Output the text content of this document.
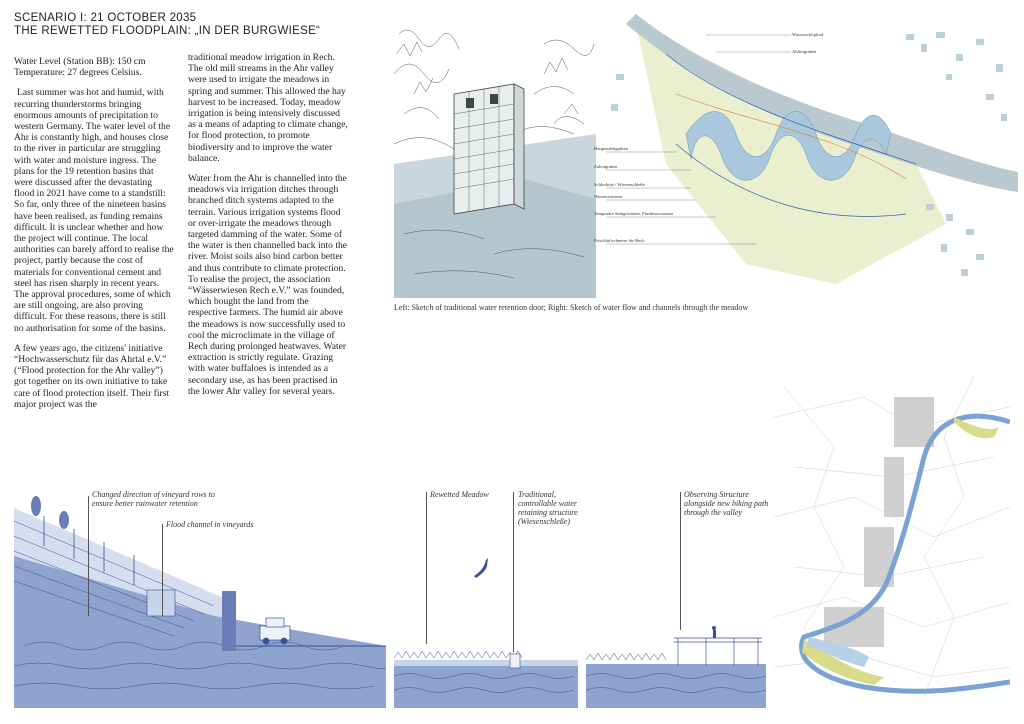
SCENARIO I: 21 OCTOBER 2035
THE REWETTED FLOODPLAIN: „IN DER BURGWIESE“

Water Level (Station BB): 150 cm
Temperature: 27 degrees Celsius.

Last summer was hot and humid, with recurring thunderstorms bringing enormous amounts of precipitation to western Germany. The water level of the Ahr is constantly high, and houses close to the river in particular are struggling with water and moisture ingress. The plans for the 19 retention basins that were discussed after the devastating flood in 2021 have come to a standstill: So far, only three of the nineteen basins have been realised, as funding remains difficult. It is unclear whether and how the project will continue. The local authorities can barely afford to realise the project, partly because the cost of materials for conventional cement and steel has risen sharply in recent years. The approval procedures, some of which are still ongoing, are also proving difficult. For these reasons, there is still no authorisation for some of the basins.

A few years ago, the citizens' initiative “Hochwasserschutz für das Ahrtal e.V.” (“Flood protection for the Ahr valley”) got together on its own initiative to take care of flood protection itself. Their first major project was the

traditional meadow irrigation in Rech. The old mill streams in the Ahr valley were used to irrigate the meadows in spring and summer. This allowed the hay harvest to be increased. Today, meadow irrigation is being intensively discussed as a means of adapting to climate change, for flood protection, to promote biodiversity and to improve the water balance.

Water from the Ahr is channelled into the meadows via irrigation ditches through branched ditch systems adapted to the terrain. Various irrigation systems flood or over-irrigate the meadows through targeted damming of the water. Some of the water is then channelled back into the river. Moist soils also bind carbon better and thus contribute to climate protection. To realise the project, the association “Wässerwiesen Rech e.V.” was founded, which bought the land from the respective farmers. The humid air above the meadows is now successfully used to cool the microclimate in the village of Rech during prolonged heatwaves. Water extraction is strictly regulate. Grazing with water buffaloes is intended as a secondary use, as has been practised in the lower Ahr valley for several years.

Wasserschöpfrad
Ablöitgraben
Hauptzuleitgraben
Zuleitgraben
Schlschütz / Wiesenschleße
Wiesenwassern
Temporäre Stehgewässer, Flachmoorzonen
Frischluftschneise für Rech
Left: Sketch of traditional water retention door; Right: Sketch of water flow and channels through the meadow
Changed direction of vineyard rows to ensure better rainwater retention
Flood channel in vineyards
Rewetted Meadow	Traditional, controllable water retaining structure (Wiesenschleße)
Observing Structure alongside new biking path through the valley
